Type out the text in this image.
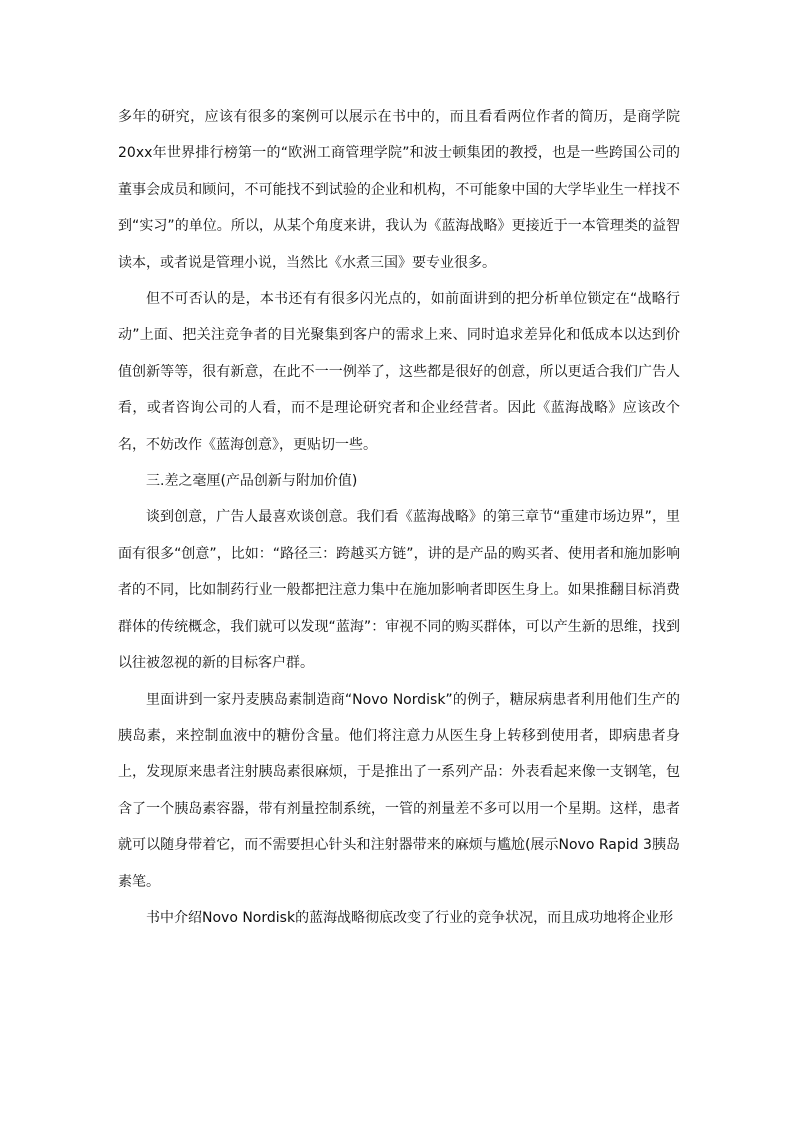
多年的研究，应该有很多的案例可以展示在书中的，而且看看两位作者的简历，是商学院20xx年世界排行榜第一的“欧洲工商管理学院”和波士顿集团的教授，也是一些跨国公司的董事会成员和顾问，不可能找不到试验的企业和机构，不可能象中国的大学毕业生一样找不到“实习”的单位。所以，从某个角度来讲，我认为《蓝海战略》更接近于一本管理类的益智读本，或者说是管理小说，当然比《水煮三国》要专业很多。

但不可否认的是，本书还有有很多闪光点的，如前面讲到的把分析单位锁定在“战略行动”上面、把关注竞争者的目光聚集到客户的需求上来、同时追求差异化和低成本以达到价值创新等等，很有新意，在此不一一例举了，这些都是很好的创意，所以更适合我们广告人看，或者咨询公司的人看，而不是理论研究者和企业经营者。因此《蓝海战略》应该改个名，不妨改作《蓝海创意》，更贴切一些。

三.差之毫厘(产品创新与附加价值)

谈到创意，广告人最喜欢谈创意。我们看《蓝海战略》的第三章节“重建市场边界”，里面有很多“创意”，比如：“路径三：跨越买方链”，讲的是产品的购买者、使用者和施加影响者的不同，比如制药行业一般都把注意力集中在施加影响者即医生身上。如果推翻目标消费群体的传统概念，我们就可以发现“蓝海”：审视不同的购买群体，可以产生新的思维，找到以往被忽视的新的目标客户群。

里面讲到一家丹麦胰岛素制造商“Novo Nordisk”的例子，糖尿病患者利用他们生产的胰岛素，来控制血液中的糖份含量。他们将注意力从医生身上转移到使用者，即病患者身上，发现原来患者注射胰岛素很麻烦，于是推出了一系列产品：外表看起来像一支钢笔，包含了一个胰岛素容器，带有剂量控制系统，一管的剂量差不多可以用一个星期。这样，患者就可以随身带着它，而不需要担心针头和注射器带来的麻烦与尴尬(展示Novo Rapid 3胰岛素笔。

书中介绍Novo Nordisk的蓝海战略彻底改变了行业的竞争状况，而且成功地将企业形
